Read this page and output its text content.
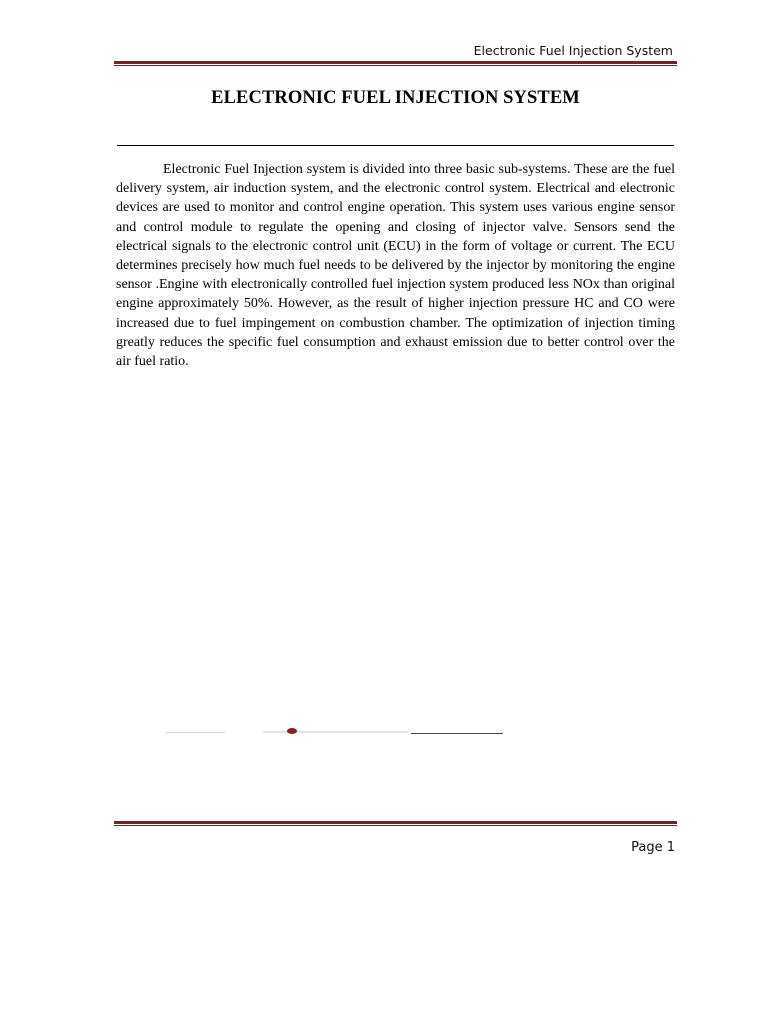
Electronic Fuel Injection System
ELECTRONIC FUEL INJECTION SYSTEM

Electronic Fuel Injection system is divided into three basic sub-systems. These are the fuel delivery system, air induction system, and the electronic control system. Electrical and electronic devices are used to monitor and control engine operation. This system uses various engine sensor and control module to regulate the opening and closing of injector valve. Sensors send the electrical signals to the electronic control unit (ECU) in the form of voltage or current. The ECU determines precisely how much fuel needs to be delivered by the injector by monitoring the engine sensor .Engine with electronically controlled fuel injection system produced less NOx than original engine approximately 50%. However, as the result of higher injection pressure HC and CO were increased due to fuel impingement on combustion chamber. The optimization of injection timing greatly reduces the specific fuel consumption and exhaust emission due to better control over the air fuel ratio.

Page 1
